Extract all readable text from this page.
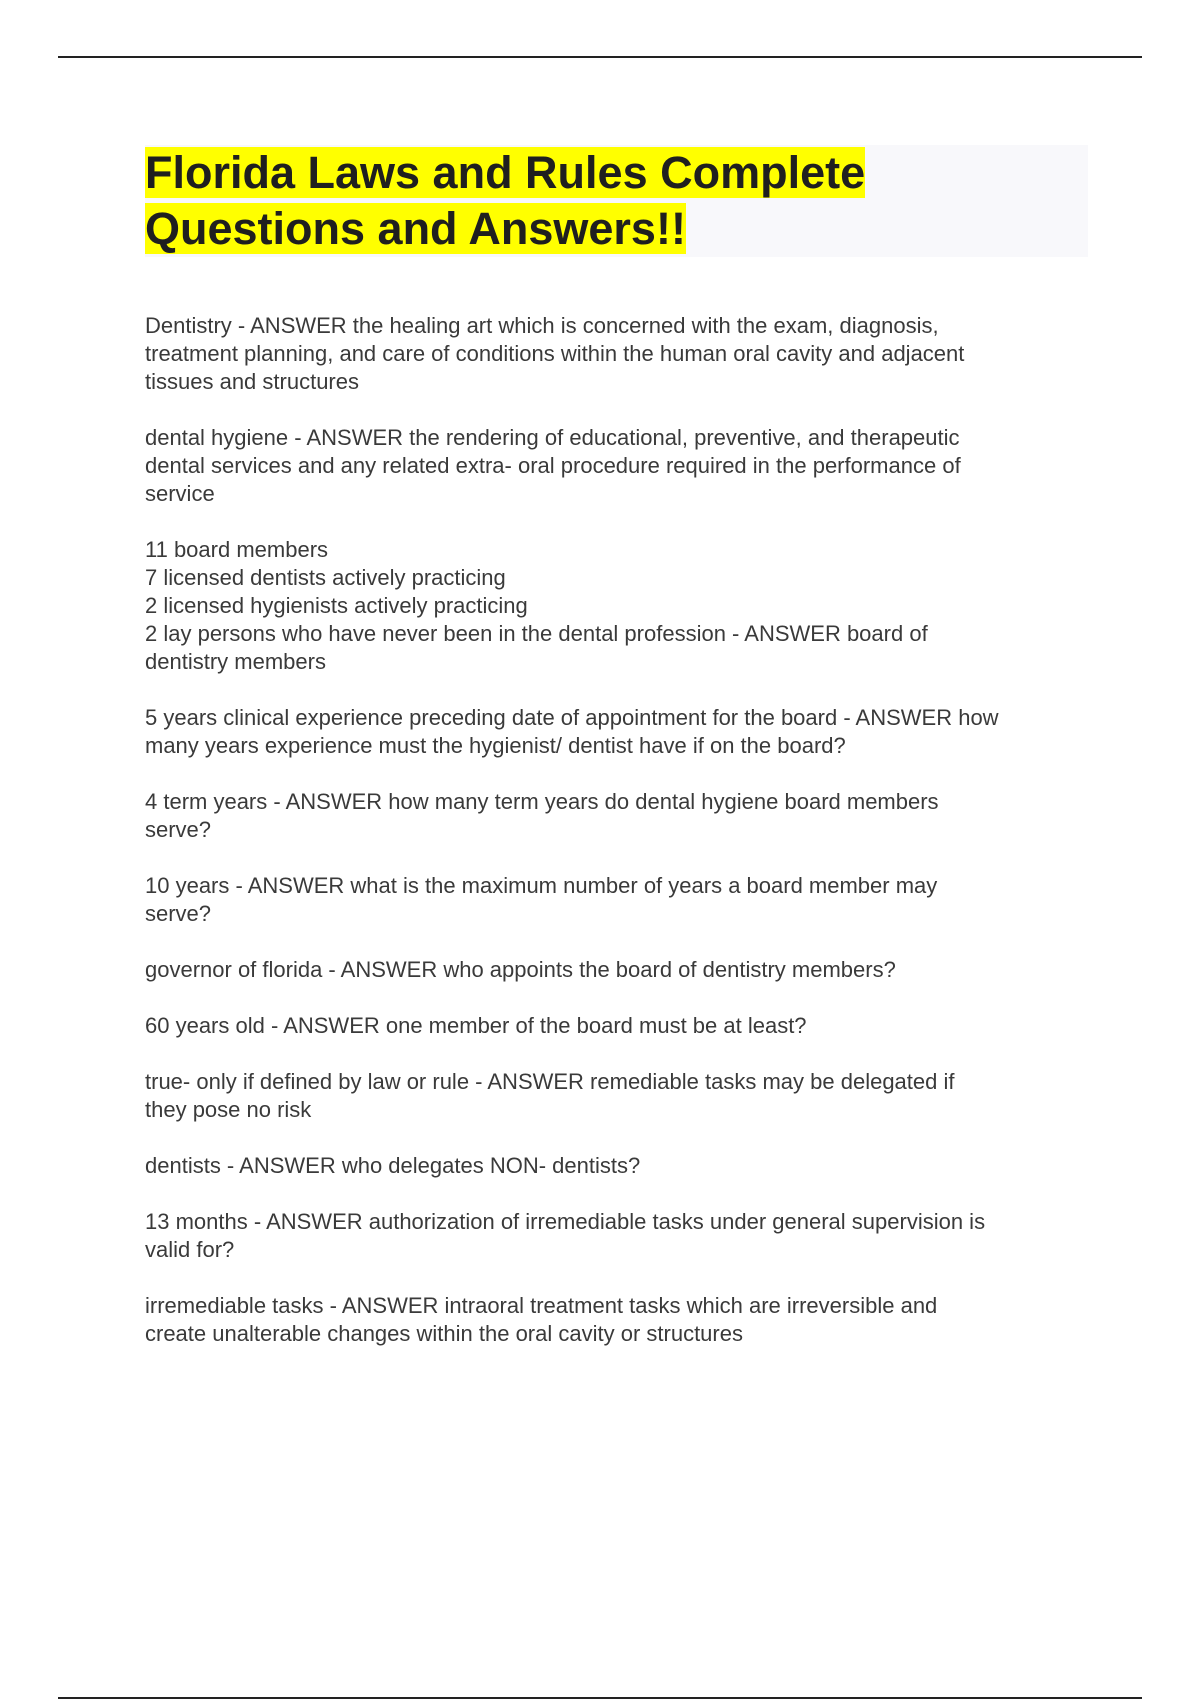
Florida Laws and Rules Complete
Questions and Answers!!

Dentistry - ANSWER the healing art which is concerned with the exam, diagnosis,
treatment planning, and care of conditions within the human oral cavity and adjacent
tissues and structures

dental hygiene - ANSWER the rendering of educational, preventive, and therapeutic
dental services and any related extra- oral procedure required in the performance of
service

11 board members
7 licensed dentists actively practicing
2 licensed hygienists actively practicing
2 lay persons who have never been in the dental profession - ANSWER board of
dentistry members

5 years clinical experience preceding date of appointment for the board - ANSWER how
many years experience must the hygienist/ dentist have if on the board?

4 term years - ANSWER how many term years do dental hygiene board members
serve?

10 years - ANSWER what is the maximum number of years a board member may
serve?

governor of florida - ANSWER who appoints the board of dentistry members?

60 years old - ANSWER one member of the board must be at least?

true- only if defined by law or rule - ANSWER remediable tasks may be delegated if
they pose no risk

dentists - ANSWER who delegates NON- dentists?

13 months - ANSWER authorization of irremediable tasks under general supervision is
valid for?

irremediable tasks - ANSWER intraoral treatment tasks which are irreversible and
create unalterable changes within the oral cavity or structures
